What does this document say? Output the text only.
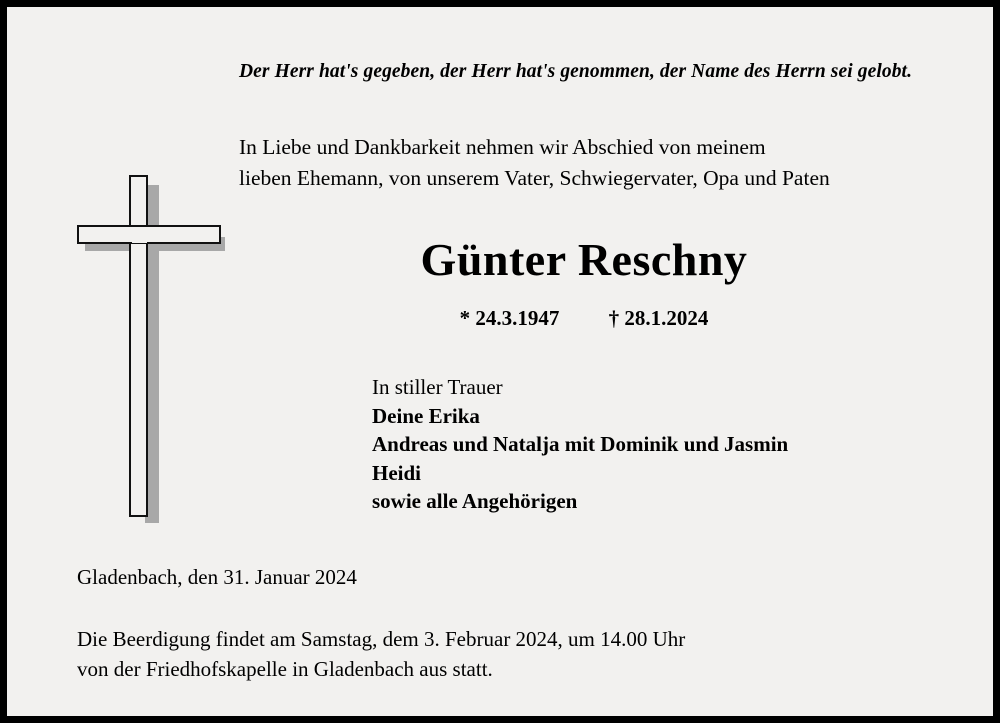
Der Herr hat's gegeben, der Herr hat's genommen, der Name des Herrn sei gelobt.
In Liebe und Dankbarkeit nehmen wir Abschied von meinem
lieben Ehemann, von unserem Vater, Schwiegervater, Opa und Paten
Günter Reschny
* 24.3.1947 † 28.1.2024
In stiller Trauer
Deine Erika
Andreas und Natalja mit Dominik und Jasmin
Heidi
sowie alle Angehörigen
Gladenbach, den 31. Januar 2024
Die Beerdigung findet am Samstag, dem 3. Februar 2024, um 14.00 Uhr
von der Friedhofskapelle in Gladenbach aus statt.
